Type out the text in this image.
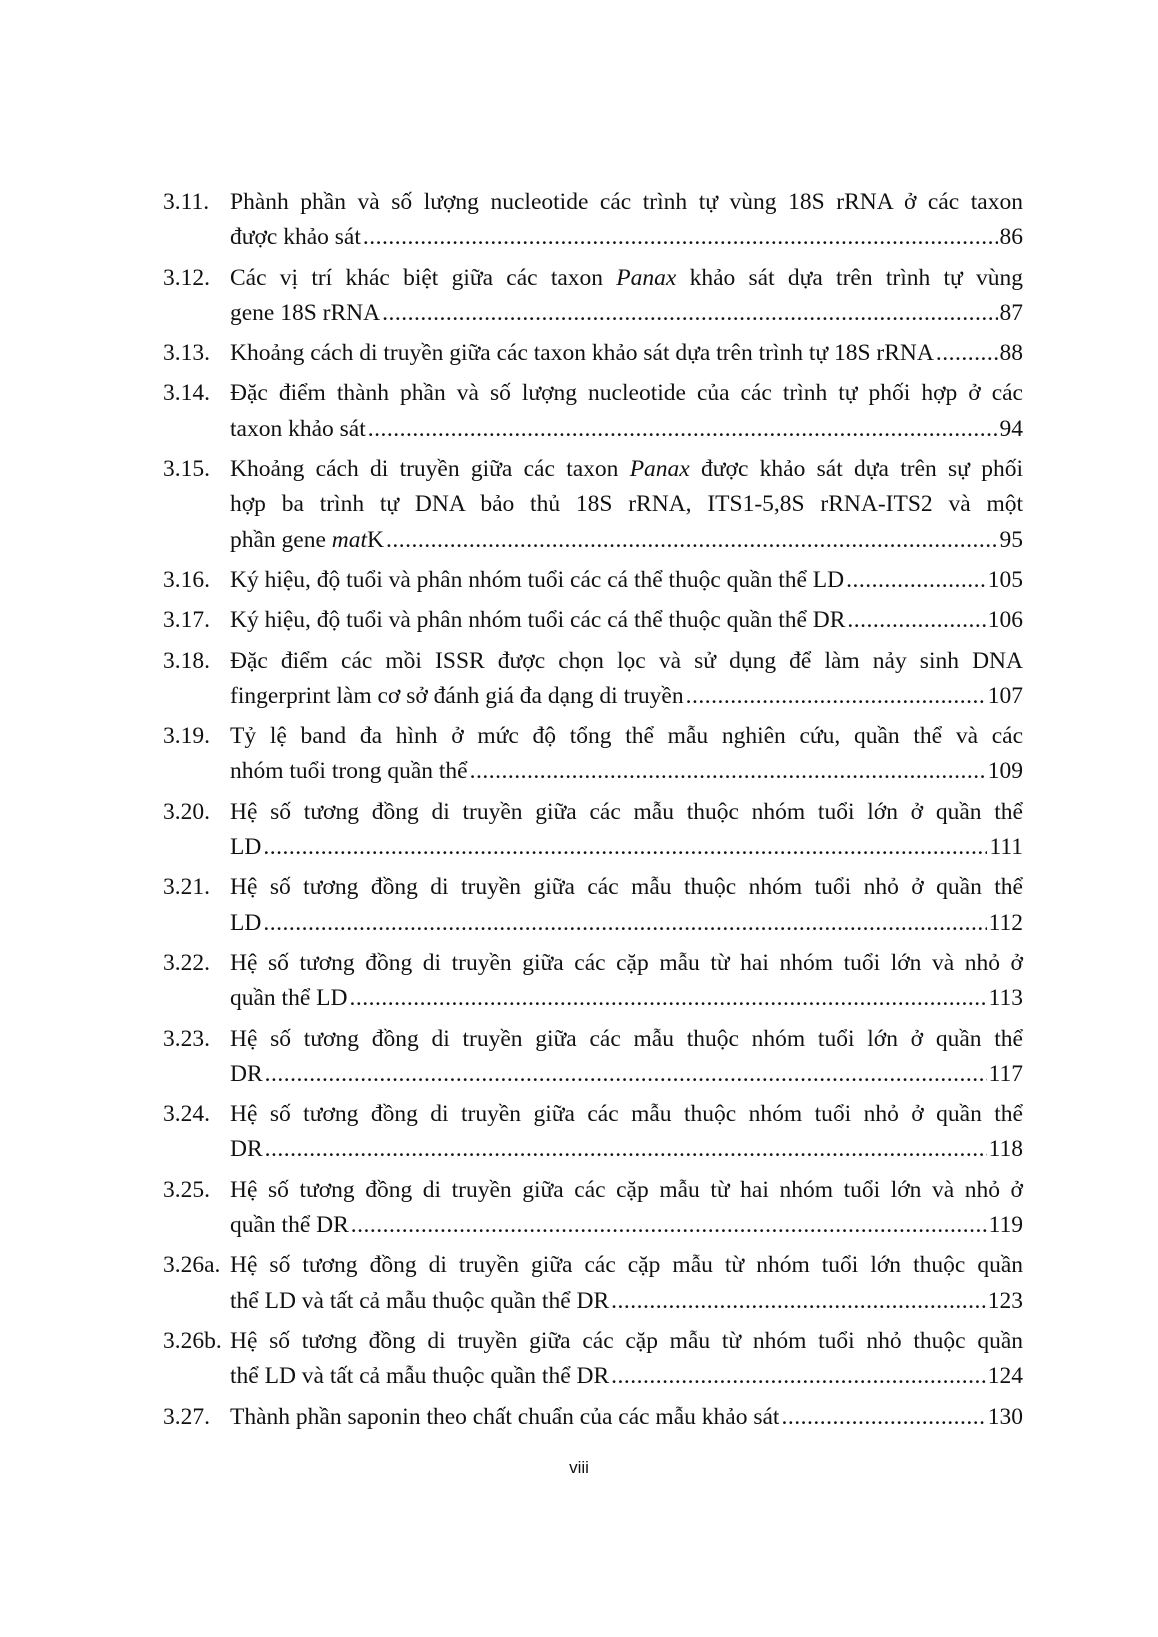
3.11. Phành phần và số lượng nucleotide các trình tự vùng 18S rRNA ở các taxon
được khảo sát .....	86
3.12. Các vị trí khác biệt giữa các taxon Panax khảo sát dựa trên trình tự vùng
gene 18S rRNA .....	87
3.13. Khoảng cách di truyền giữa các taxon khảo sát dựa trên trình tự 18S rRNA .....	88
3.14. Đặc điểm thành phần và số lượng nucleotide của các trình tự phối hợp ở các
taxon khảo sát .....	94
3.15. Khoảng cách di truyền giữa các taxon Panax được khảo sát dựa trên sự phối
hợp ba trình tự DNA bảo thủ 18S rRNA, ITS1-5,8S rRNA-ITS2 và một
phần gene matK .....	95
3.16. Ký hiệu, độ tuổi và phân nhóm tuổi các cá thể thuộc quần thể LD .....	105
3.17. Ký hiệu, độ tuổi và phân nhóm tuổi các cá thể thuộc quần thể DR .....	106
3.18. Đặc điểm các mồi ISSR được chọn lọc và sử dụng để làm nảy sinh DNA
fingerprint làm cơ sở đánh giá đa dạng di truyền .....	107
3.19. Tỷ lệ band đa hình ở mức độ tổng thể mẫu nghiên cứu, quần thể và các
nhóm tuổi trong quần thể .....	109
3.20. Hệ số tương đồng di truyền giữa các mẫu thuộc nhóm tuổi lớn ở quần thể
LD .....	111
3.21. Hệ số tương đồng di truyền giữa các mẫu thuộc nhóm tuổi nhỏ ở quần thể
LD .....	112
3.22. Hệ số tương đồng di truyền giữa các cặp mẫu từ hai nhóm tuổi lớn và nhỏ ở
quần thể LD .....	113
3.23. Hệ số tương đồng di truyền giữa các mẫu thuộc nhóm tuổi lớn ở quần thể
DR .....	117
3.24. Hệ số tương đồng di truyền giữa các mẫu thuộc nhóm tuổi nhỏ ở quần thể
DR .....	118
3.25. Hệ số tương đồng di truyền giữa các cặp mẫu từ hai nhóm tuổi lớn và nhỏ ở
quần thể DR .....	119
3.26a. Hệ số tương đồng di truyền giữa các cặp mẫu từ nhóm tuổi lớn thuộc quần
thể LD và tất cả mẫu thuộc quần thể DR .....	123
3.26b. Hệ số tương đồng di truyền giữa các cặp mẫu từ nhóm tuổi nhỏ thuộc quần
thể LD và tất cả mẫu thuộc quần thể DR .....	124
3.27. Thành phần saponin theo chất chuẩn của các mẫu khảo sát .....	130
viii
